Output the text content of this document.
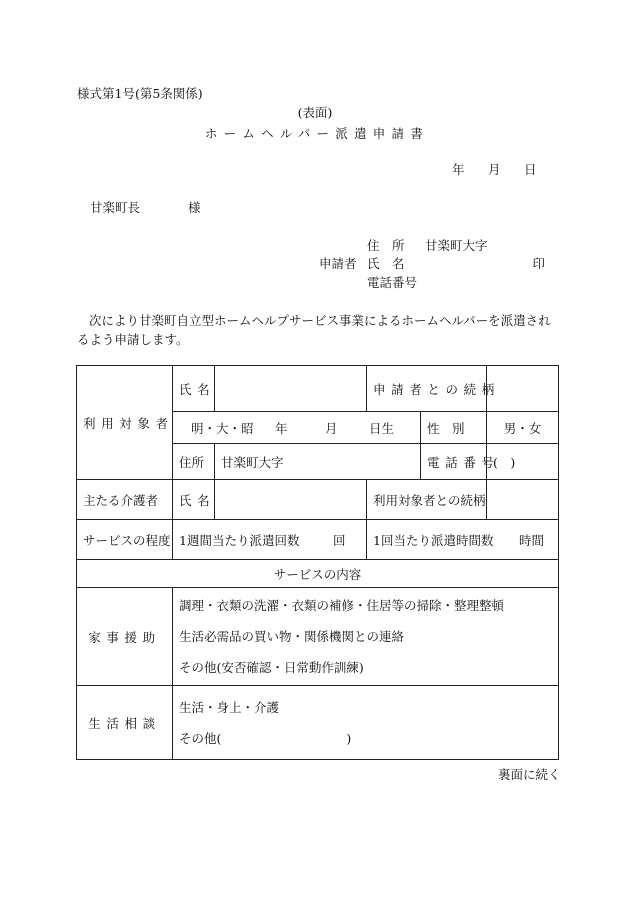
様式第1号(第5条関係)
(表面)
ホームヘルパー派遣申請書
年 月 日
甘楽町長	様
住　所 甘楽町大字
申請者 氏　名	印
電話番号
次により甘楽町自立型ホームヘルプサービス事業によるホームヘルパーを派遣されるよう申請します。
利用対象者	氏名		申請者との続柄		
	明・大・昭 年 月 日生			性　別	男・女
	住所	甘楽町大字		電話番号	(　)
主たる介護者	氏名		利用対象者との続柄		
サービスの程度	1週間当たり派遣回数 回		1回当たり派遣時間数 時間		
サービスの内容					
家事援助	調理・衣類の洗濯・衣類の補修・住居等の掃除・整理整頓
生活必需品の買い物・関係機関との連絡
その他(安否確認・日常動作訓練)				

生活相談	生活・身上・介護
その他(　　　　　　　　　　)				
裏面に続く
